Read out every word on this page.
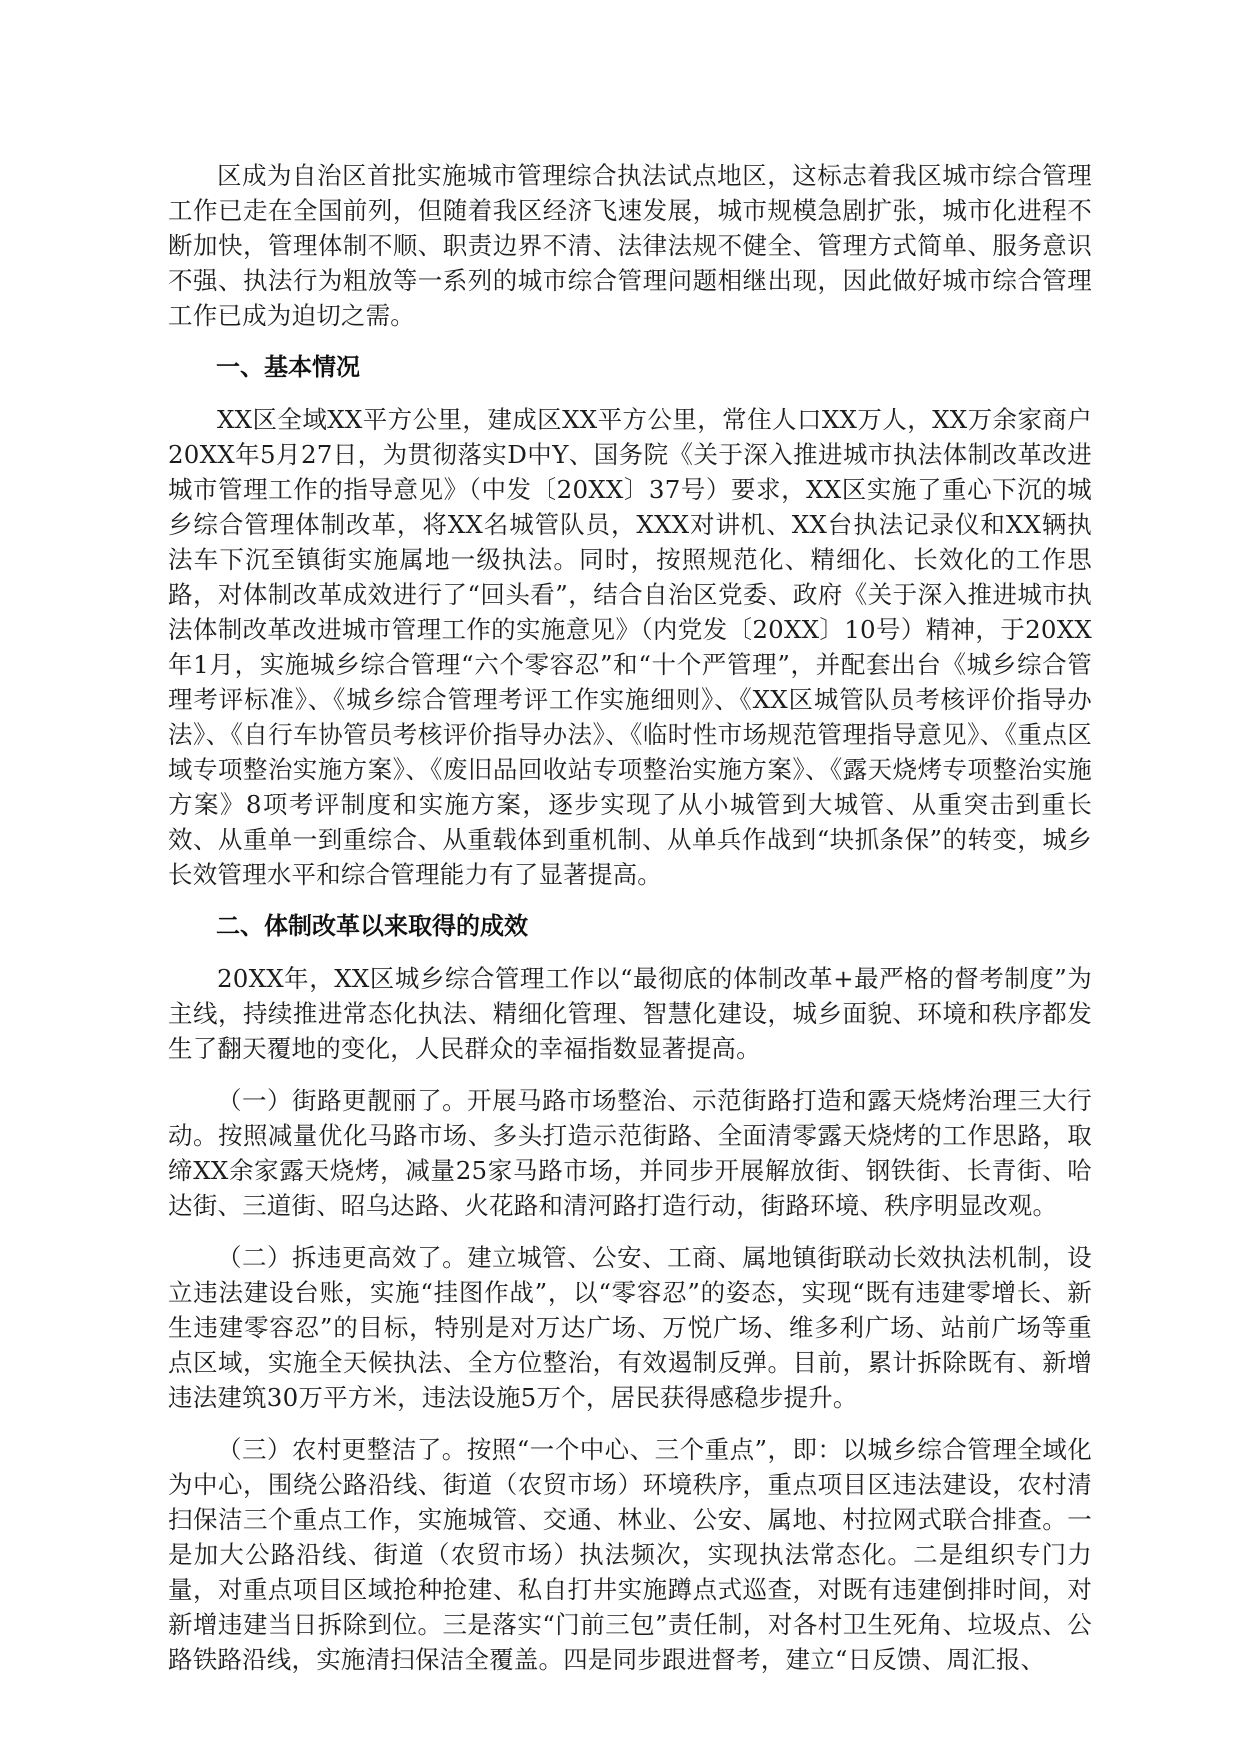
区成为自治区首批实施城市管理综合执法试点地区，这标志着我区城市综合管理工作已走在全国前列，但随着我区经济飞速发展，城市规模急剧扩张，城市化进程不断加快，管理体制不顺、职责边界不清、法律法规不健全、管理方式简单、服务意识不强、执法行为粗放等一系列的城市综合管理问题相继出现，因此做好城市综合管理工作已成为迫切之需。

一、基本情况

XX区全域XX平方公里，建成区XX平方公里，常住人口XX万人，XX万余家商户20XX年5月27日，为贯彻落实D中Y、国务院《关于深入推进城市执法体制改革改进城市管理工作的指导意见》（中发〔20XX〕37号）要求，XX区实施了重心下沉的城乡综合管理体制改革，将XX名城管队员，XXX对讲机、XX台执法记录仪和XX辆执法车下沉至镇街实施属地一级执法。同时，按照规范化、精细化、长效化的工作思路，对体制改革成效进行了“回头看”，结合自治区党委、政府《关于深入推进城市执法体制改革改进城市管理工作的实施意见》（内党发〔20XX〕10号）精神，于20XX年1月，实施城乡综合管理“六个零容忍”和“十个严管理”，并配套出台《城乡综合管理考评标准》、《城乡综合管理考评工作实施细则》、《XX区城管队员考核评价指导办法》、《自行车协管员考核评价指导办法》、《临时性市场规范管理指导意见》、《重点区域专项整治实施方案》、《废旧品回收站专项整治实施方案》、《露天烧烤专项整治实施方案》8项考评制度和实施方案，逐步实现了从小城管到大城管、从重突击到重长效、从重单一到重综合、从重载体到重机制、从单兵作战到“块抓条保”的转变，城乡长效管理水平和综合管理能力有了显著提高。

二、体制改革以来取得的成效

20XX年，XX区城乡综合管理工作以“最彻底的体制改革+最严格的督考制度”为主线，持续推进常态化执法、精细化管理、智慧化建设，城乡面貌、环境和秩序都发生了翻天覆地的变化，人民群众的幸福指数显著提高。

（一）街路更靓丽了。开展马路市场整治、示范街路打造和露天烧烤治理三大行动。按照减量优化马路市场、多头打造示范街路、全面清零露天烧烤的工作思路，取缔XX余家露天烧烤，减量25家马路市场，并同步开展解放街、钢铁街、长青街、哈达街、三道街、昭乌达路、火花路和清河路打造行动，街路环境、秩序明显改观。

（二）拆违更高效了。建立城管、公安、工商、属地镇街联动长效执法机制，设立违法建设台账，实施“挂图作战”，以“零容忍”的姿态，实现“既有违建零增长、新生违建零容忍”的目标，特别是对万达广场、万悦广场、维多利广场、站前广场等重点区域，实施全天候执法、全方位整治，有效遏制反弹。目前，累计拆除既有、新增违法建筑30万平方米，违法设施5万个，居民获得感稳步提升。

（三）农村更整洁了。按照“一个中心、三个重点”，即：以城乡综合管理全域化为中心，围绕公路沿线、街道（农贸市场）环境秩序，重点项目区违法建设，农村清扫保洁三个重点工作，实施城管、交通、林业、公安、属地、村拉网式联合排查。一是加大公路沿线、街道（农贸市场）执法频次，实现执法常态化。二是组织专门力量，对重点项目区域抢种抢建、私自打井实施蹲点式巡查，对既有违建倒排时间，对新增违建当日拆除到位。三是落实“门前三包”责任制，对各村卫生死角、垃圾点、公路铁路沿线，实施清扫保洁全覆盖。四是同步跟进督考，建立“日反馈、周汇报、
